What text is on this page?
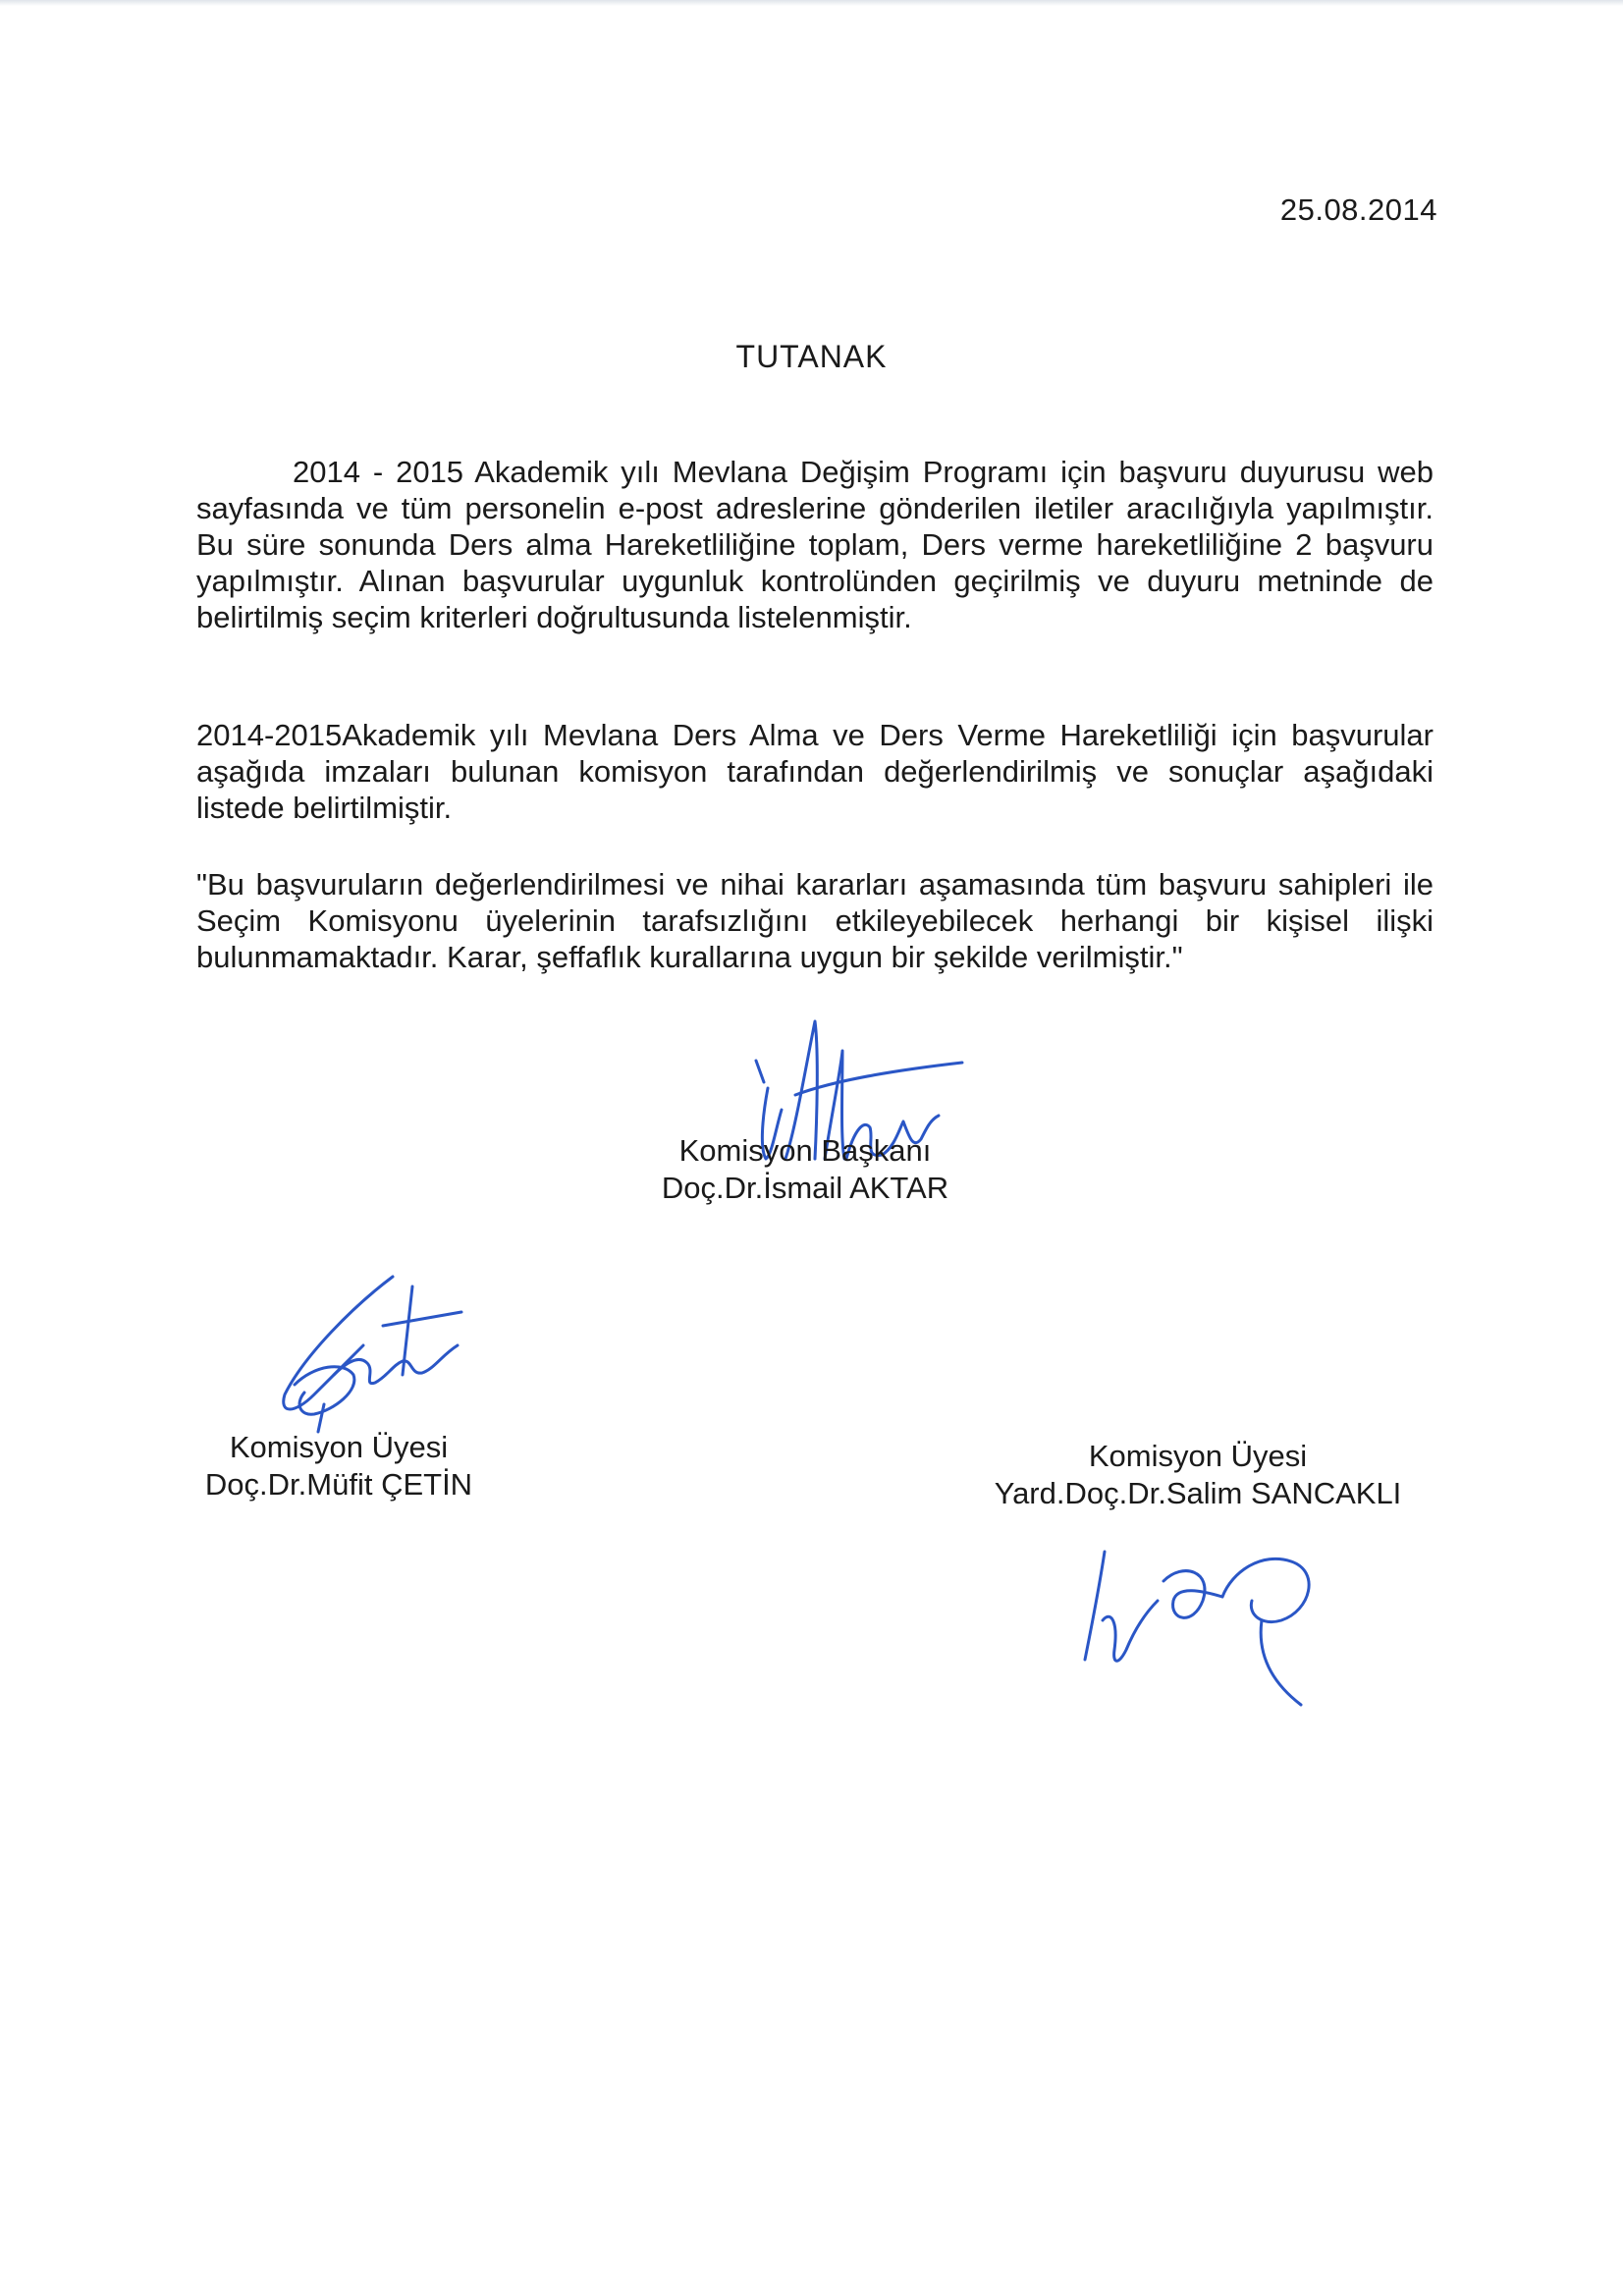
25.08.2014
TUTANAK
2014 - 2015 Akademik yılı Mevlana Değişim Programı için başvuru duyurusu web sayfasında ve tüm personelin e-post adreslerine gönderilen iletiler aracılığıyla yapılmıştır. Bu süre sonunda Ders alma Hareketliliğine toplam, Ders verme hareketliliğine 2 başvuru yapılmıştır. Alınan başvurular uygunluk kontrolünden geçirilmiş ve duyuru metninde de belirtilmiş seçim kriterleri doğrultusunda listelenmiştir.
2014-2015Akademik yılı Mevlana Ders Alma ve Ders Verme Hareketliliği için başvurular aşağıda imzaları bulunan komisyon tarafından değerlendirilmiş ve sonuçlar aşağıdaki listede belirtilmiştir.
"Bu başvuruların değerlendirilmesi ve nihai kararları aşamasında tüm başvuru sahipleri ile Seçim Komisyonu üyelerinin tarafsızlığını etkileyebilecek herhangi bir kişisel ilişki bulunmamaktadır. Karar, şeffaflık kurallarına uygun bir şekilde verilmiştir."
Komisyon Başkanı
Doç.Dr.İsmail AKTAR
Komisyon Üyesi
Doç.Dr.Müfit ÇETİN
Komisyon Üyesi
Yard.Doç.Dr.Salim SANCAKLI
